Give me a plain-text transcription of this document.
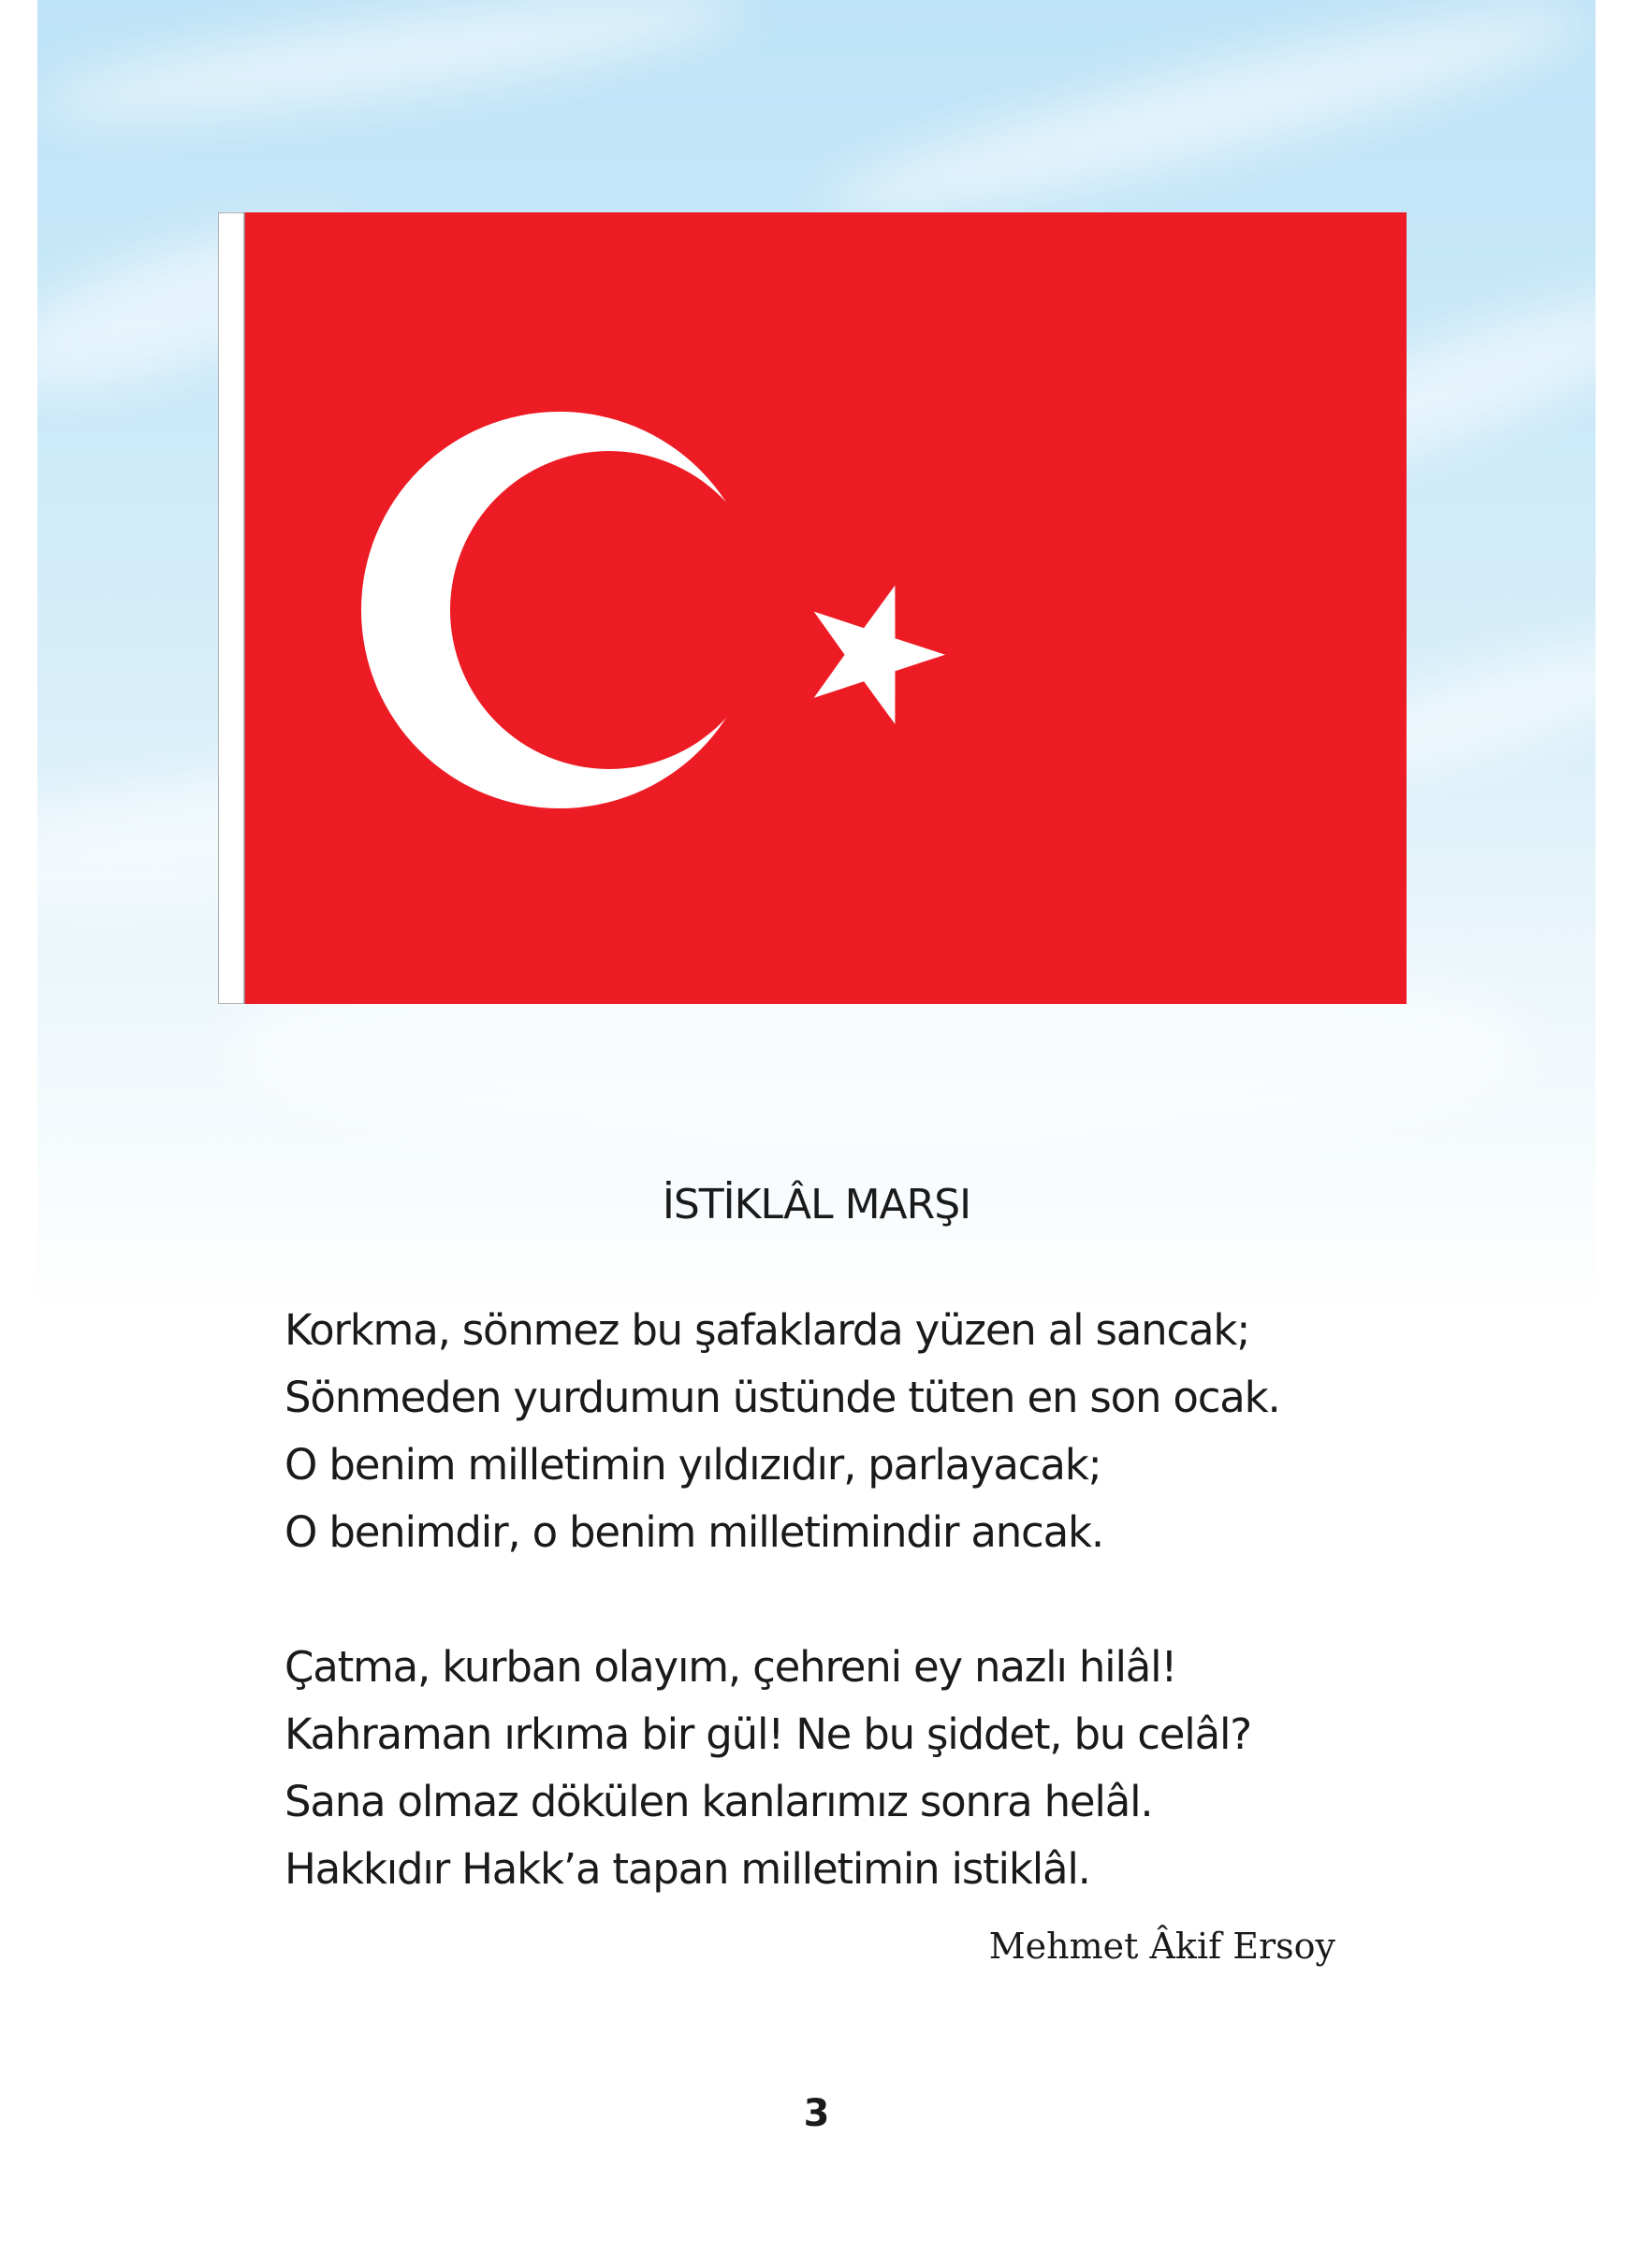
İSTİKLÂL MARŞI

Korkma, sönmez bu şafaklarda yüzen al sancak;
Sönmeden yurdumun üstünde tüten en son ocak.
O benim milletimin yıldızıdır, parlayacak;
O benimdir, o benim milletimindir ancak.

Çatma, kurban olayım, çehreni ey nazlı hilâl!
Kahraman ırkıma bir gül! Ne bu şiddet, bu celâl?
Sana olmaz dökülen kanlarımız sonra helâl.
Hakkıdır Hakk’a tapan milletimin istiklâl.

Mehmet Âkif Ersoy
3
